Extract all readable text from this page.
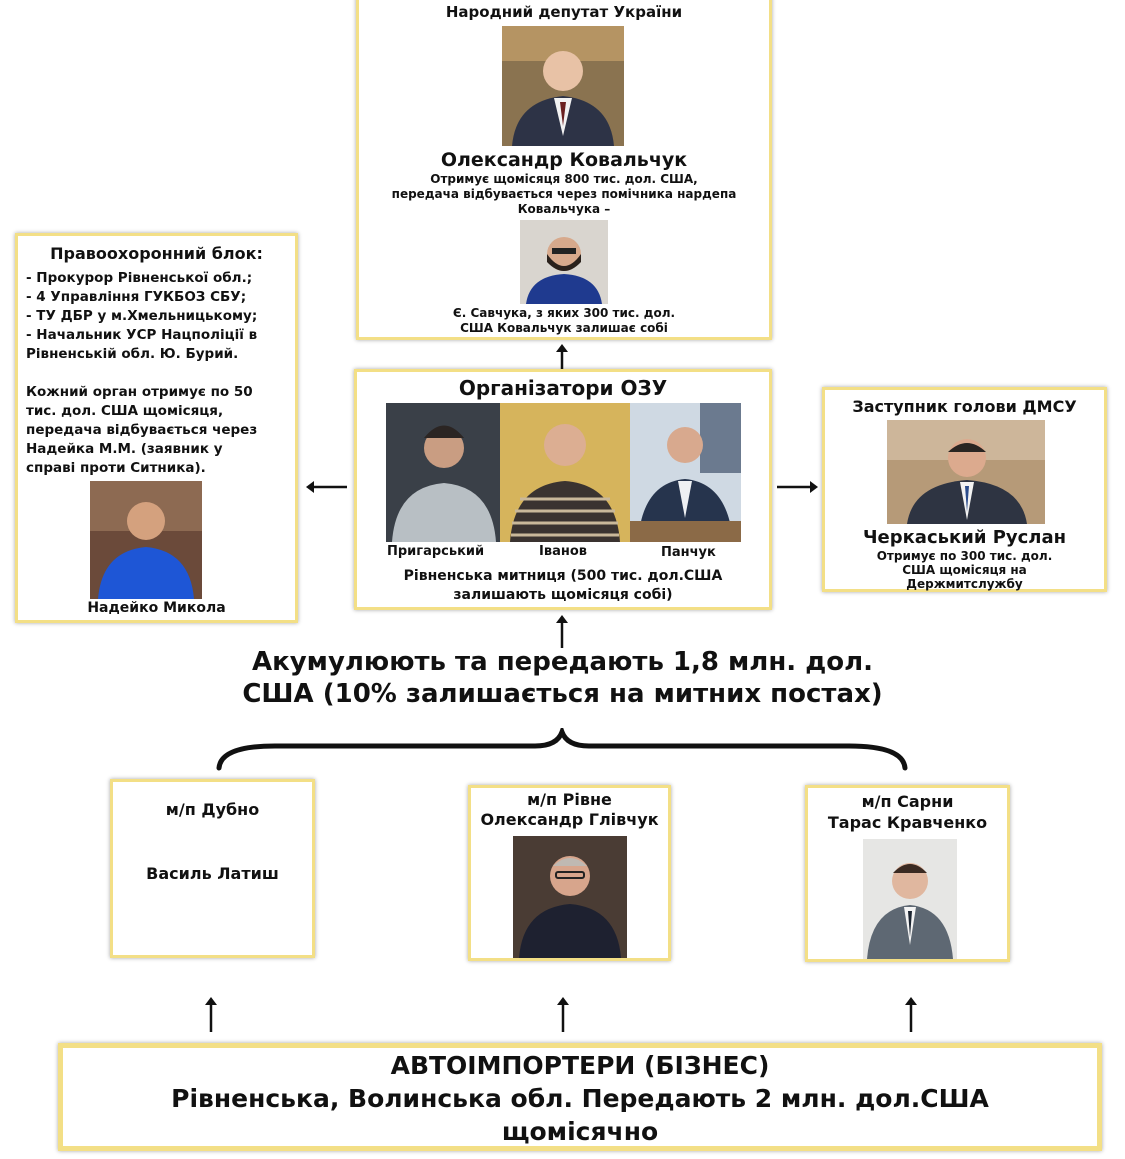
Народний депутат України
Олександр Ковальчук
Отримує щомісяця 800 тис. дол. США,
передача відбувається через помічника нардепа
Ковальчука –
Є. Савчука, з яких 300 тис. дол.
США Ковальчук залишає собі
Правоохоронний блок:
- Прокурор Рівненської обл.;
- 4 Управління ГУКБОЗ СБУ;
- ТУ ДБР у м.Хмельницькому;
- Начальник УСР Нацполіції в
Рівненській обл. Ю. Бурий.
Кожний орган отримує по 50
тис. дол. США щомісяця,
передача відбувається через
Надейка М.М. (заявник у
справі проти Ситника).
Надейко Микола
Організатори ОЗУ
Пригарський	Іванов	Панчук
Рівненська митниця (500 тис. дол.США
залишають щомісяця собі)
Заступник голови ДМСУ
Черкаський Руслан
Отримує по 300 тис. дол.
США щомісяця на
Держмитслужбу
Акумулюють та передають 1,8 млн. дол.
США (10% залишається на митних постах)
м/п Дубно
Василь Латиш
м/п Рівне
Олександр Глівчук
м/п Сарни
Тарас Кравченко
АВТОІМПОРТЕРИ (БІЗНЕС)
Рівненська, Волинська обл. Передають 2 млн. дол.США
щомісячно
